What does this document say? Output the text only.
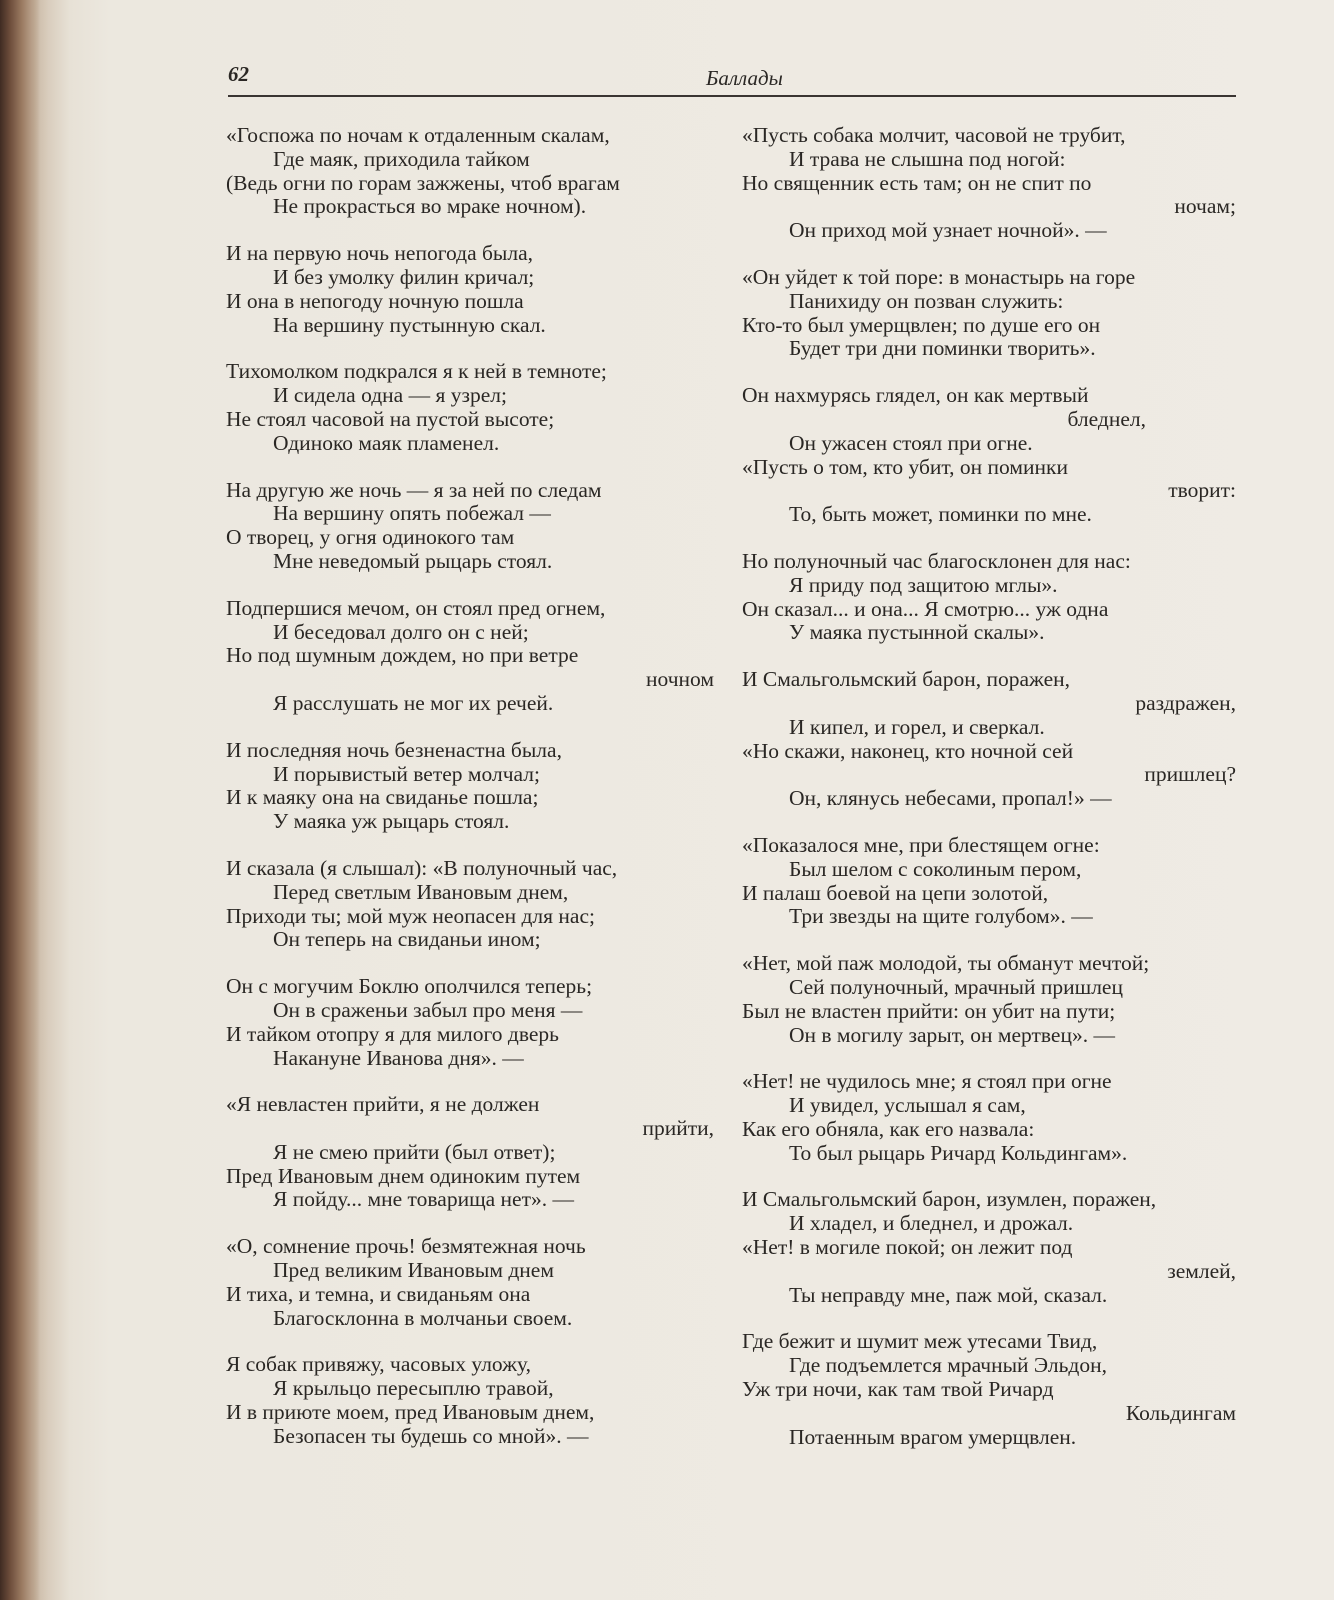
62	Баллады
«Госпожа по ночам к отдаленным скалам,
Где маяк, приходила тайком
(Ведь огни по горам зажжены, чтоб врагам
Не прокрасться во мраке ночном).
И на первую ночь непогода была,
И без умолку филин кричал;
И она в непогоду ночную пошла
На вершину пустынную скал.
Тихомолком подкрался я к ней в темноте;
И сидела одна — я узрел;
Не стоял часовой на пустой высоте;
Одиноко маяк пламенел.
На другую же ночь — я за ней по следам
На вершину опять побежал —
О творец, у огня одинокого там
Мне неведомый рыцарь стоял.
Подпершися мечом, он стоял пред огнем,
И беседовал долго он с ней;
Но под шумным дождем, но при ветре
ночном
Я расслушать не мог их речей.
И последняя ночь безненастна была,
И порывистый ветер молчал;
И к маяку она на свиданье пошла;
У маяка уж рыцарь стоял.
И сказала (я слышал): «В полуночный час,
Перед светлым Ивановым днем,
Приходи ты; мой муж неопасен для нас;
Он теперь на свиданьи ином;
Он с могучим Боклю ополчился теперь;
Он в сраженьи забыл про меня —
И тайком отопру я для милого дверь
Накануне Иванова дня». —
«Я невластен прийти, я не должен
прийти,
Я не смею прийти (был ответ);
Пред Ивановым днем одиноким путем
Я пойду... мне товарища нет». —
«О, сомнение прочь! безмятежная ночь
Пред великим Ивановым днем
И тиха, и темна, и свиданьям она
Благосклонна в молчаньи своем.
Я собак привяжу, часовых уложу,
Я крыльцо пересыплю травой,
И в приюте моем, пред Ивановым днем,
Безопасен ты будешь со мной». —
«Пусть собака молчит, часовой не трубит,
И трава не слышна под ногой:
Но священник есть там; он не спит по
ночам;
Он приход мой узнает ночной». —
«Он уйдет к той поре: в монастырь на горе
Панихиду он позван служить:
Кто-то был умерщвлен; по душе его он
Будет три дни поминки творить».
Он нахмурясь глядел, он как мертвый
бледнел,
Он ужасен стоял при огне.
«Пусть о том, кто убит, он поминки
творит:
То, быть может, поминки по мне.
Но полуночный час благосклонен для нас:
Я приду под защитою мглы».
Он сказал... и она... Я смотрю... уж одна
У маяка пустынной скалы».
И Смальгольмский барон, поражен,
раздражен,
И кипел, и горел, и сверкал.
«Но скажи, наконец, кто ночной сей
пришлец?
Он, клянусь небесами, пропал!» —
«Показалося мне, при блестящем огне:
Был шелом с соколиным пером,
И палаш боевой на цепи золотой,
Три звезды на щите голубом». —
«Нет, мой паж молодой, ты обманут мечтой;
Сей полуночный, мрачный пришлец
Был не властен прийти: он убит на пути;
Он в могилу зарыт, он мертвец». —
«Нет! не чудилось мне; я стоял при огне
И увидел, услышал я сам,
Как его обняла, как его назвала:
То был рыцарь Ричард Кольдингам».
И Смальгольмский барон, изумлен, поражен,
И хладел, и бледнел, и дрожал.
«Нет! в могиле покой; он лежит под
землей,
Ты неправду мне, паж мой, сказал.
Где бежит и шумит меж утесами Твид,
Где подъемлется мрачный Эльдон,
Уж три ночи, как там твой Ричард
Кольдингам
Потаенным врагом умерщвлен.
